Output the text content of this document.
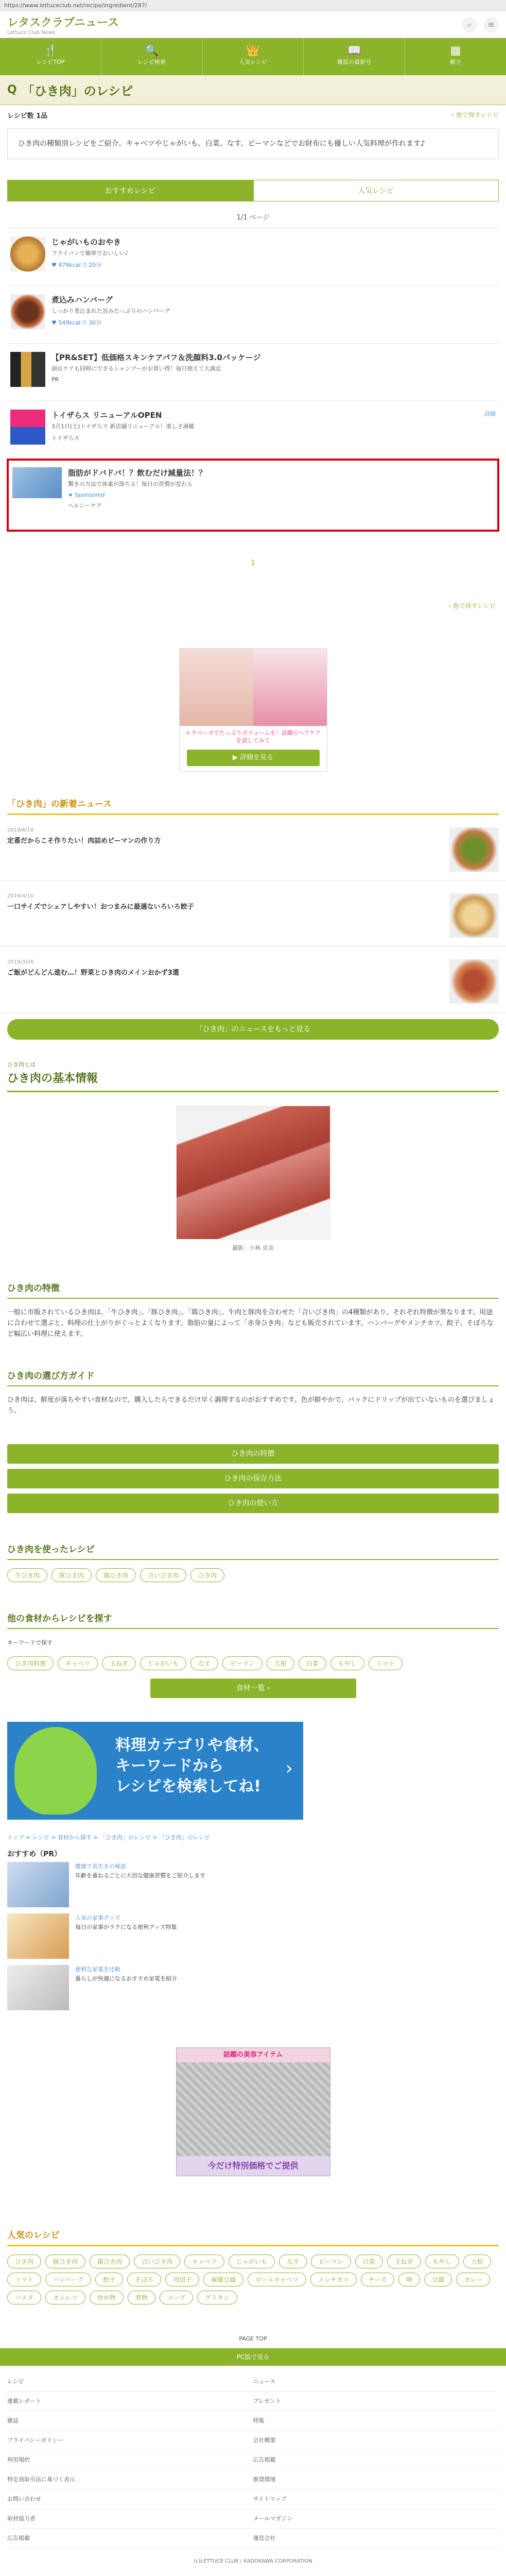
https://www.lettuceclub.net/recipe/ingredient/287/
レタスクラブニュース
Lettuce Club News
⌕	≡
🍴
レシピTOP
🔍
レシピ検索
👑
人気レシピ
📖
雑誌の最新号
▦
献立
Q 「ひき肉」のレシピ
レシピ数 1品	› 他で探すレシピ
ひき肉の種類別レシピをご紹介。キャベツやじゃがいも、白菜、なす、ピーマンなどでお財布にも優しい人気料理が作れます♪
おすすめレシピ	人気レシピ
1/1 ページ
じゃがいものおやき
フライパンで簡単でおいしい♪
♥ 479kcal ⏱ 20分
煮込みハンバーグ
しっかり煮込まれた旨みたっぷりのハンバーグ
♥ 549kcal ⏱ 30分
【PR&SET】低価格スキンケアパフ＆洗顔料3.0パッケージ
頭皮ケアも同時にできるシャンプーがお買い得！毎日使えて大満足
PR
トイザらス リニューアルOPEN
3月1日(土)トイザらス 新店舗リニューアル！楽しさ満載
トイザらス
詳細
脂肪がドバドバ！？飲むだけ減量法！？
驚きの方法で体重が落ちる！毎日の習慣が変わる
★ Sponsored
ヘルシーケア
1
› 他で探すレシピ
ルラベーヌでたっぷりボリュームを！話題のヘアケアを試してみて
▶ 詳細を見る
「ひき肉」の新着ニュース
2019/6/18
定番だからこそ作りたい！肉詰めピーマンの作り方
2019/4/10
一口サイズでシェアしやすい！おつまみに最適ないろいろ餃子
2019/3/26
ご飯がどんどん進む…！野菜とひき肉のメインおかず3選
「ひき肉」のニュースをもっと見る
ひき肉とは
ひき肉の基本情報
撮影：小林 京美
ひき肉の特徴
一般に市販されているひき肉は、「牛ひき肉」、「豚ひき肉」、「鶏ひき肉」、牛肉と豚肉を合わせた「合いびき肉」の4種類があり、それぞれ特徴が異なります。用途に合わせて選ぶと、料理の仕上がりがぐっとよくなります。脂肪の量によって「赤身ひき肉」なども販売されています。ハンバーグやメンチカツ、餃子、そぼろなど幅広い料理に使えます。
ひき肉の選び方ガイド
ひき肉は、鮮度が落ちやすい食材なので、購入したらできるだけ早く調理するのがおすすめです。色が鮮やかで、パックにドリップが出ていないものを選びましょう。
ひき肉の特徴
ひき肉の保存方法
ひき肉の使い方
ひき肉を使ったレシピ
牛ひき肉	豚ひき肉	鶏ひき肉	合いびき肉	ひき肉
他の食材からレシピを探す
キーワードで探す
ひき肉料理	キャベツ	玉ねぎ	じゃがいも	なす	ピーマン	大根	白菜	もやし	トマト
食材一覧 ›
料理カテゴリや食材、
キーワードから
レシピを検索してね!
›
トップ > レシピ > 食材から探す > 「ひき肉」のレシピ > 「ひき肉」のレシピ
おすすめ（PR）
健康で長生きの秘訣
年齢を重ねるごとに大切な健康習慣をご紹介します
人気の家事グッズ
毎日の家事がラクになる便利グッズ特集
便利な家電を比較
暮らしが快適になるおすすめ家電を紹介
話題の美容アイテム
今だけ特別価格でご提供
人気のレシピ
ひき肉	豚ひき肉	鶏ひき肉	合いびき肉	キャベツ	じゃがいも	なす	ピーマン	白菜	玉ねぎ	もやし	大根
トマト	ハンバーグ	餃子	そぼろ	肉団子	麻婆豆腐	ロールキャベツ	メンチカツ	チーズ	卵	豆腐	カレー
パスタ	オムレツ	炒め物	煮物	スープ	グラタン
PAGE TOP
PC版で見る
レシピ	ニュース
連載レポート	プレゼント
雑誌	特集
プライバシーポリシー	会社概要
利用規約	広告掲載
特定商取引法に基づく表示	推奨環境
お問い合わせ	サイトマップ
取材協力者	メールマガジン
広告掲載	運営会社
(c)LETTUCE CLUB / KADOKAWA CORPORATION
